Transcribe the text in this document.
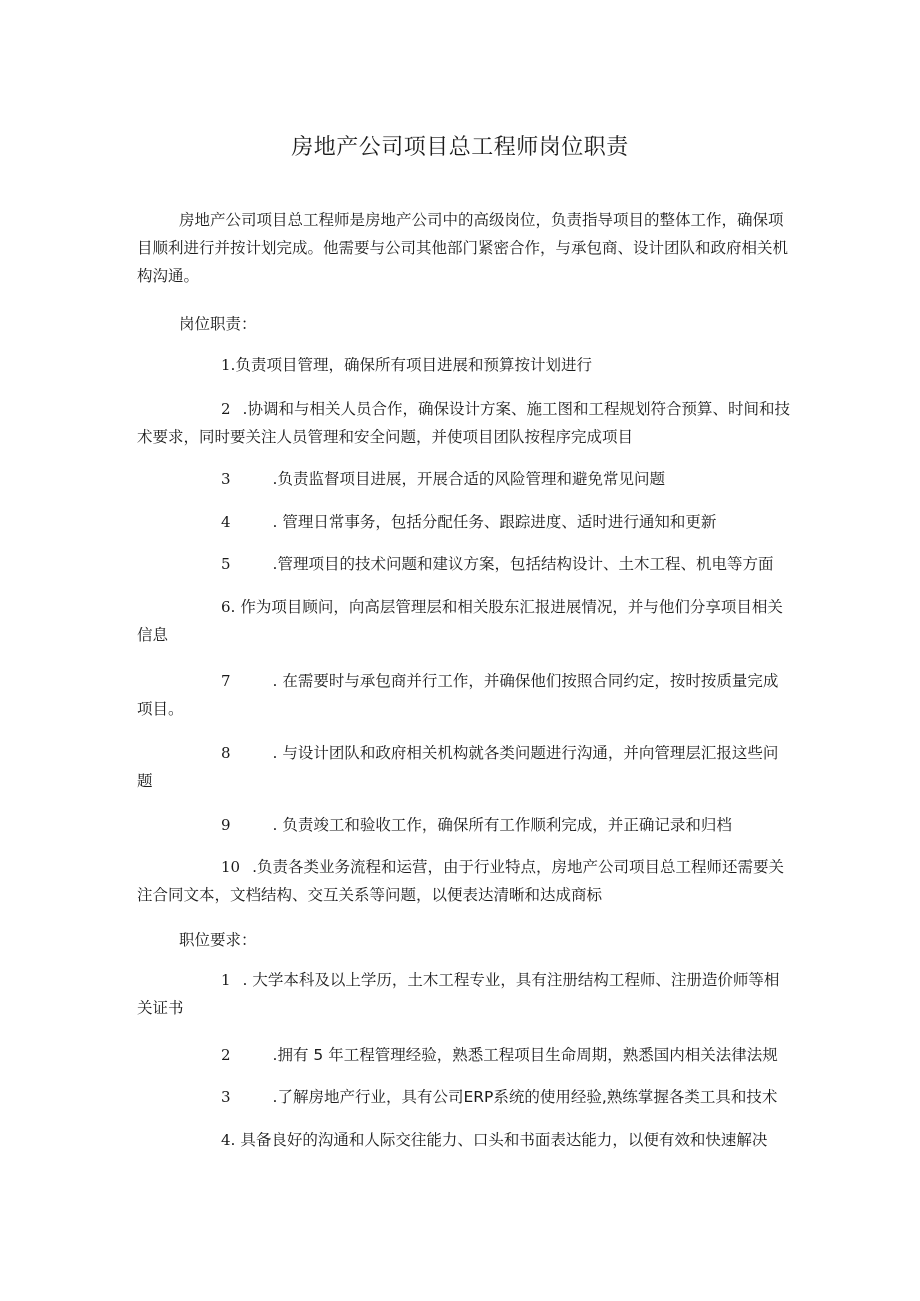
房地产公司项目总工程师岗位职责

房地产公司项目总工程师是房地产公司中的高级岗位，负责指导项目的整体工作，确保项目顺利进行并按计划完成。他需要与公司其他部门紧密合作，与承包商、设计团队和政府相关机构沟通。

岗位职责：

1.负责项目管理，确保所有项目进展和预算按计划进行

2 .协调和与相关人员合作，确保设计方案、施工图和工程规划符合预算、时间和技术要求，同时要关注人员管理和安全问题，并使项目团队按程序完成项目

3	.负责监督项目进展，开展合适的风险管理和避免常见问题

4	. 管理日常事务，包括分配任务、跟踪进度、适时进行通知和更新

5	.管理项目的技术问题和建议方案，包括结构设计、土木工程、机电等方面

6. 作为项目顾问，向高层管理层和相关股东汇报进展情况，并与他们分享项目相关信息

7	. 在需要时与承包商并行工作，并确保他们按照合同约定，按时按质量完成项目。

8	. 与设计团队和政府相关机构就各类问题进行沟通，并向管理层汇报这些问题

9	. 负责竣工和验收工作，确保所有工作顺利完成，并正确记录和归档

10 .负责各类业务流程和运营，由于行业特点，房地产公司项目总工程师还需要关注合同文本，文档结构、交互关系等问题，以便表达清晰和达成商标

职位要求：

1 . 大学本科及以上学历，土木工程专业，具有注册结构工程师、注册造价师等相关证书

2	.拥有 5 年工程管理经验，熟悉工程项目生命周期，熟悉国内相关法律法规

3	.了解房地产行业，具有公司ERP系统的使用经验,熟练掌握各类工具和技术

4. 具备良好的沟通和人际交往能力、口头和书面表达能力，以便有效和快速解决
